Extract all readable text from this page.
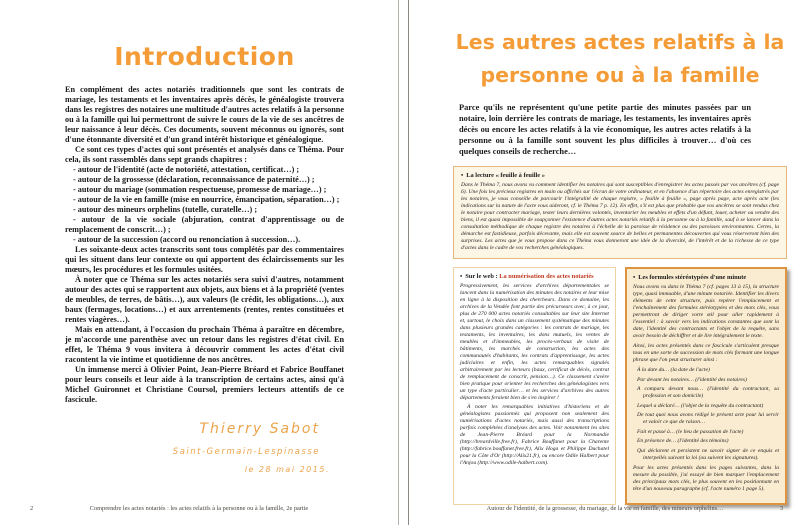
Introduction

En complément des actes notariés traditionnels que sont les contrats de mariage, les testaments et les inventaires après décès, le généalogiste trouvera dans les registres des notaires une multitude d'autres actes relatifs à la personne ou à la famille qui lui permettront de suivre le cours de la vie de ses ancêtres de leur naissance à leur décès. Ces documents, souvent méconnus ou ignorés, sont d'une étonnante diversité et d'un grand intérêt historique et généalogique.

Ce sont ces types d'actes qui sont présentés et analysés dans ce Théma. Pour cela, ils sont rassemblés dans sept grands chapitres :

- autour de l'identité (acte de notoriété, attestation, certificat…) ;
- autour de la grossesse (déclaration, reconnaissance de paternité…) ;
- autour du mariage (sommation respectueuse, promesse de mariage…) ;
- autour de la vie en famille (mise en nourrice, émancipation, séparation…) ;
- autour des mineurs orphelins (tutelle, curatelle…) ;
- autour de la vie sociale (abjuration, contrat d'apprentissage ou de remplacement de conscrit…) ;
- autour de la succession (accord ou renonciation à succession…).

Les soixante-deux actes transcrits sont tous complétés par des commentaires qui les situent dans leur contexte ou qui apportent des éclaircissements sur les mœurs, les procédures et les formules usitées.

À noter que ce Théma sur les actes notariés sera suivi d'autres, notamment autour des actes qui se rapportent aux objets, aux biens et à la propriété (ventes de meubles, de terres, de bâtis…), aux valeurs (le crédit, les obligations…), aux baux (fermages, locations…) et aux arrentements (rentes, rentes constituées et rentes viagères…).

Mais en attendant, à l'occasion du prochain Théma à paraître en décembre, je m'accorde une parenthèse avec un retour dans les registres d'état civil. En effet, le Théma 9 vous invitera à découvrir comment les actes d'état civil racontent la vie intime et quotidienne de nos ancêtres.

Un immense merci à Olivier Point, Jean-Pierre Bréard et Fabrice Bouffanet pour leurs conseils et leur aide à la transcription de certains actes, ainsi qu'à Michel Guironnet et Christiane Coursol, premiers lecteurs attentifs de ce fascicule.

Thierry Sabot
Saint-Germain-Lespinasse
le 28 mai 2015.
2	Comprendre les actes notariés : les actes relatifs à la personne ou à la famille, 2e partie
Les autres actes relatifs à la
personne ou à la famille

Parce qu'ils ne représentent qu'une petite partie des minutes passées par un notaire, loin derrière les contrats de mariage, les testaments, les inventaires après décès ou encore les actes relatifs à la vie économique, les autres actes relatifs à la personne ou à la famille sont souvent les plus difficiles à trouver… d'où ces quelques conseils de recherche…

• La lecture « feuille à feuille »
Dans le Théma 7, nous avons vu comment identifier les notaires qui sont susceptibles d'enregistrer les actes passés par vos ancêtres (cf. page 6). Une fois les précieux registres en main ou affichés sur l'écran de votre ordinateur, et en l'absence d'un répertoire des actes enregistrés par les notaires, je vous conseille de parcourir l'intégralité de chaque registre, « feuille à feuille », page après page, acte après acte (les indications sur la nature de l'acte vous aideront, cf. le Théma 7 p. 12). En effet, s'il est plus que probable que vos ancêtres se sont rendus chez le notaire pour contracter mariage, tester leurs dernières volontés, inventorier les meubles et effets d'un défunt, louer, acheter ou vendre des biens, il est quasi impossible de soupçonner l'existence d'autres actes notariés relatifs à la personne ou à la famille, sauf à se lancer dans la consultation méthodique de chaque registre des notaires à l'échelle de la paroisse de résidence ou des paroisses environnantes. Certes, la démarche est fastidieuse, parfois décevante, mais elle est souvent source de belles et permanentes découvertes qui vous réserveront bien des surprises. Les actes que je vous propose dans ce Théma vous donneront une idée de la diversité, de l'intérêt et de la richesse de ce type d'actes dans le cadre de vos recherches généalogiques.
• Sur le web : La numérisation des actes notariés

Progressivement, les services d'archives départementales se lancent dans la numérisation des minutes des notaires et leur mise en ligne à la disposition des chercheurs. Dans ce domaine, les archives de la Vendée font partie des précurseurs avec, à ce jour, plus de 270 000 actes notariés consultables sur leur site Internet et, surtout, le choix dans un classement systématique des minutes dans plusieurs grandes catégories : les contrats de mariage, les testaments, les inventaires, les dons mutuels, les ventes de meubles et d'immeubles, les procès-verbaux de visite de bâtiments, les marchés de construction, les actes des communautés d'habitants, les contrats d'apprentissage, les actes judiciaires et enfin, les actes remarquables signalés arbitrairement par les lecteurs (baux, certificat de décès, contrat de remplacement de conscrit, pension…). Ce classement s'avère bien pratique pour orienter les recherches des généalogistes vers un type d'acte particulier… et les services d'archives des autres départements feraient bien de s'en inspirer !

À noter les remarquables initiatives d'historiens et de généalogistes passionnés qui proposent non seulement des numérisations d'actes notariés, mais aussi des transcriptions parfois complétées d'analyses des actes. Voir notamment les sites de Jean-Pierre Bréard pour la Normandie (http://breardville.free.fr), Fabrice Bouffanet pour la Charente (http://fabrice.bouffanet.free.fr), Alix Hoga et Philippe Duchatel pour la Côte d'Or (http://Alix21.fr), ou encore Odile Halbert pour l'Anjou (http://www.odile-halbert.com).

• Les formules stéréotypées d'une minute

Nous avons vu dans le Théma 7 (cf. pages 13 à 15), la structure type, quasi immuable, d'une minute notariée. Identifier les divers éléments de cette structure, puis repérer l'emplacement et l'enchaînement des formules stéréotypées et des mots clés, vous permettront de diriger votre œil pour aller rapidement à l'essentiel : à savoir vers les indications constantes que sont la date, l'identité des contractants et l'objet de la requête, sans avoir besoin de déchiffrer et de lire intégralement le texte.

Ainsi, les actes présentés dans ce fascicule s'articulent presque tous en une sorte de succession de mots clés formant une longue phrase que l'on peut structurer ainsi :

À la date du… (la date de l'acte)
Par devant les notaires… (l'identité des notaires)
A comparu devant nous… (l'identité du contractant, sa profession et son domicile)
Lequel a déclaré… (l'objet de la requête du contractant)
De tout quoi nous avons rédigé le présent acte pour lui servir et valoir ce que de raison…
Fait et passé à… (le lieu de passation de l'acte)
En présence de… (l'identité des témoins)
Qui déclarent et persistent ne savoir signer de ce enquis et interpellés suivant la loi (ou suivent les signatures).

Pour les actes présentés dans les pages suivantes, dans la mesure du possible, j'ai essayé de bien marquer l'emplacement des principaux mots clés, le plus souvent en les positionnant en tête d'un nouveau paragraphe (cf. l'acte numéro 1 page 5).

Autour de l'identité, de la grossesse, du mariage, de la vie en famille, des mineurs orphelins…	3
